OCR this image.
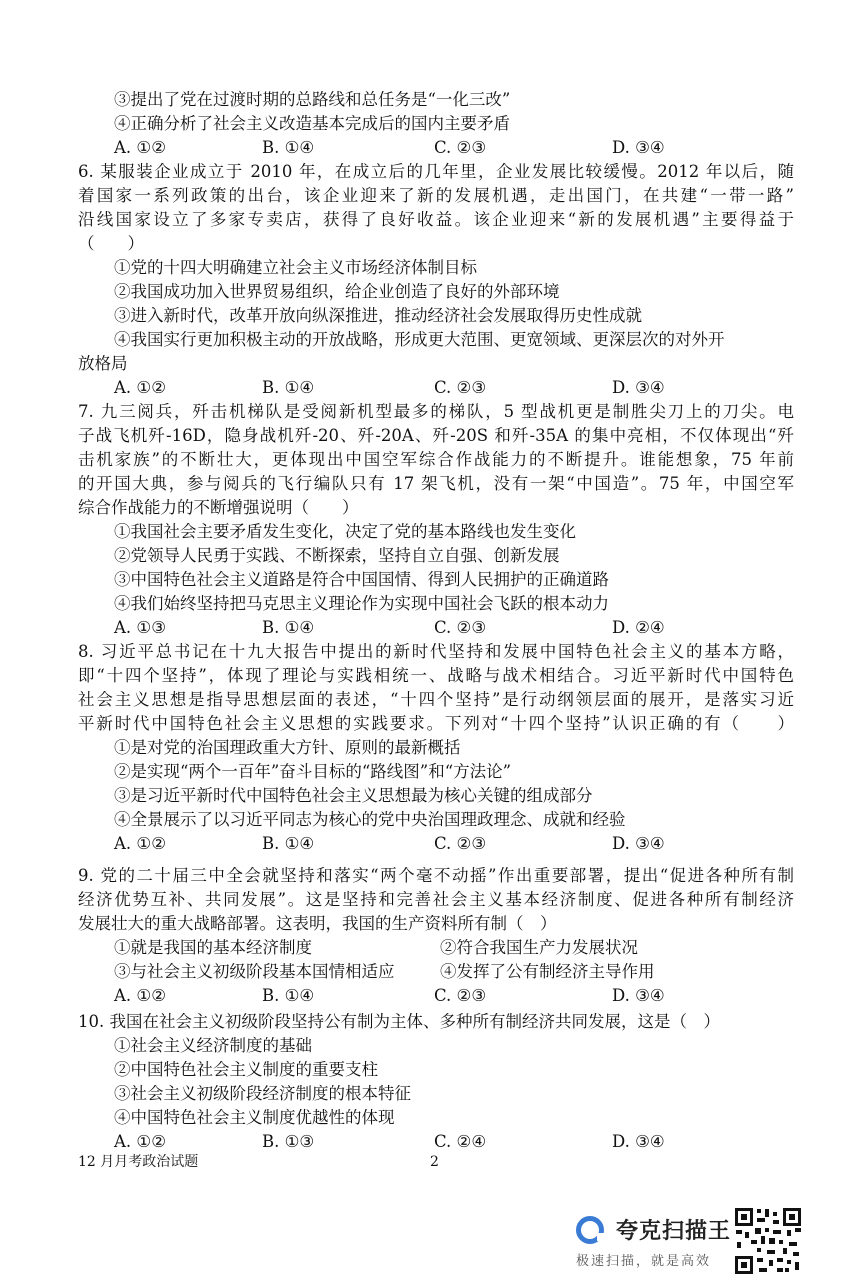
③提出了党在过渡时期的总路线和总任务是“一化三改”
④正确分析了社会主义改造基本完成后的国内主要矛盾
A. ①②	B. ①④	C. ②③	D. ③④
6. 某服装企业成立于 2010 年，在成立后的几年里，企业发展比较缓慢。2012 年以后，随
着国家一系列政策的出台，该企业迎来了新的发展机遇，走出国门，在共建“一带一路”
沿线国家设立了多家专卖店，获得了良好收益。该企业迎来“新的发展机遇”主要得益于
（　　）
①党的十四大明确建立社会主义市场经济体制目标
②我国成功加入世界贸易组织，给企业创造了良好的外部环境
③进入新时代，改革开放向纵深推进，推动经济社会发展取得历史性成就
④我国实行更加积极主动的开放战略，形成更大范围、更宽领域、更深层次的对外开
放格局
A. ①②	B. ①④	C. ②③	D. ③④
7. 九三阅兵，歼击机梯队是受阅新机型最多的梯队，5 型战机更是制胜尖刀上的刀尖。电
子战飞机歼-16D，隐身战机歼-20、歼-20A、歼-20S 和歼-35A 的集中亮相，不仅体现出“歼
击机家族”的不断壮大，更体现出中国空军综合作战能力的不断提升。谁能想象，75 年前
的开国大典，参与阅兵的飞行编队只有 17 架飞机，没有一架“中国造”。75 年，中国空军
综合作战能力的不断增强说明（　　）
①我国社会主要矛盾发生变化，决定了党的基本路线也发生变化
②党领导人民勇于实践、不断探索，坚持自立自强、创新发展
③中国特色社会主义道路是符合中国国情、得到人民拥护的正确道路
④我们始终坚持把马克思主义理论作为实现中国社会飞跃的根本动力
A. ①③	B. ①④	C. ②③	D. ②④
8. 习近平总书记在十九大报告中提出的新时代坚持和发展中国特色社会主义的基本方略，
即“十四个坚持”，体现了理论与实践相统一、战略与战术相结合。习近平新时代中国特色
社会主义思想是指导思想层面的表述，“十四个坚持”是行动纲领层面的展开，是落实习近
平新时代中国特色社会主义思想的实践要求。下列对“十四个坚持”认识正确的有（　　）
①是对党的治国理政重大方针、原则的最新概括
②是实现“两个一百年”奋斗目标的“路线图”和“方法论”
③是习近平新时代中国特色社会主义思想最为核心关键的组成部分
④全景展示了以习近平同志为核心的党中央治国理政理念、成就和经验
A. ①②	B. ①④	C. ②③	D. ③④
9. 党的二十届三中全会就坚持和落实“两个毫不动摇”作出重要部署，提出“促进各种所有制
经济优势互补、共同发展”。这是坚持和完善社会主义基本经济制度、促进各种所有制经济
发展壮大的重大战略部署。这表明，我国的生产资料所有制（　）
①就是我国的基本经济制度	②符合我国生产力发展状况
③与社会主义初级阶段基本国情相适应	④发挥了公有制经济主导作用
A. ①②	B. ①④	C. ②③	D. ③④
10. 我国在社会主义初级阶段坚持公有制为主体、多种所有制经济共同发展，这是（　）
①社会主义经济制度的基础
②中国特色社会主义制度的重要支柱
③社会主义初级阶段经济制度的根本特征
④中国特色社会主义制度优越性的体现
A. ①②	B. ①③	C. ②④	D. ③④
12 月月考政治试题	2
夸克扫描王
极速扫描，就是高效
